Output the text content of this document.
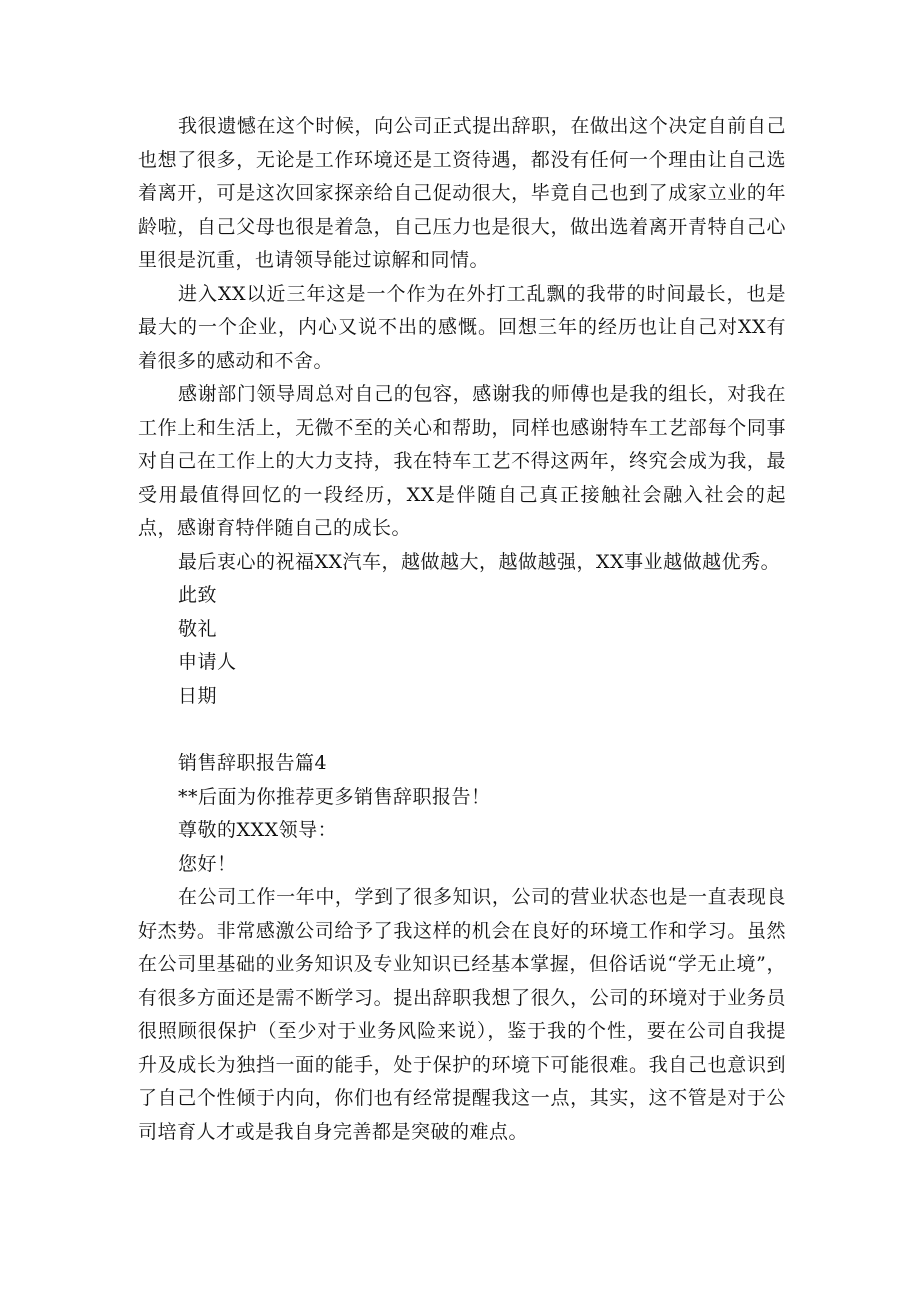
我很遗憾在这个时候，向公司正式提出辞职，在做出这个决定自前自己也想了很多，无论是工作环境还是工资待遇，都没有任何一个理由让自己选着离开，可是这次回家探亲给自己促动很大，毕竟自己也到了成家立业的年龄啦，自己父母也很是着急，自己压力也是很大，做出选着离开青特自己心里很是沉重，也请领导能过谅解和同情。

进入XX以近三年这是一个作为在外打工乱飘的我带的时间最长，也是最大的一个企业，内心又说不出的感慨。回想三年的经历也让自己对XX有着很多的感动和不舍。

感谢部门领导周总对自己的包容，感谢我的师傅也是我的组长，对我在工作上和生活上，无微不至的关心和帮助，同样也感谢特车工艺部每个同事对自己在工作上的大力支持，我在特车工艺不得这两年，终究会成为我，最受用最值得回忆的一段经历，XX是伴随自己真正接触社会融入社会的起点，感谢育特伴随自己的成长。

最后衷心的祝福XX汽车，越做越大，越做越强，XX事业越做越优秀。

此致

敬礼

申请人

日期

销售辞职报告篇4

**后面为你推荐更多销售辞职报告！

尊敬的XXX领导：

您好！

在公司工作一年中，学到了很多知识，公司的营业状态也是一直表现良好杰势。非常感激公司给予了我这样的机会在良好的环境工作和学习。虽然在公司里基础的业务知识及专业知识已经基本掌握，但俗话说“学无止境”，有很多方面还是需不断学习。提出辞职我想了很久，公司的环境对于业务员很照顾很保护（至少对于业务风险来说），鉴于我的个性，要在公司自我提升及成长为独挡一面的能手，处于保护的环境下可能很难。我自己也意识到了自己个性倾于内向，你们也有经常提醒我这一点，其实，这不管是对于公司培育人才或是我自身完善都是突破的难点。
